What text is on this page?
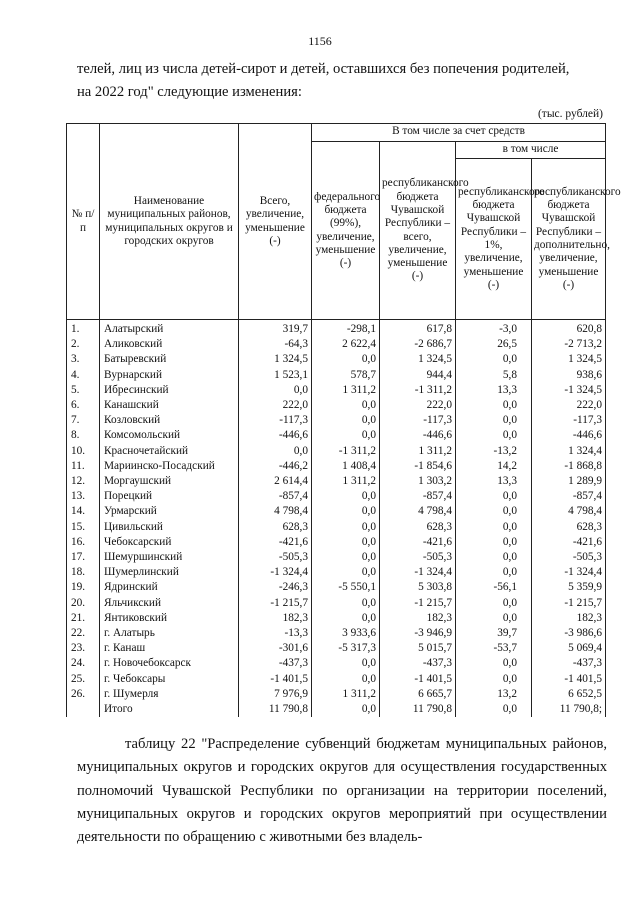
1156
телей, лиц из числа детей-сирот и детей, оставшихся без попечения родителей,
на 2022 год" следующие изменения:
(тыс. рублей)
№ п/п	Наименование муниципальных районов, муниципальных округов и городских округов	Всего, увеличение, уменьшение (-)	В том числе за счет средств			
			федерального бюджета (99%), увеличение, уменьшение (-)	республиканского бюджета Чувашской Республики – всего, увеличение, уменьшение (-)	в том числе	
					республиканского бюджета Чувашской Республики – 1%, увеличение, уменьшение (-)	республиканского бюджета Чувашской Республики – дополнительно, увеличение, уменьшение (-)
1.	Алатырский	319,7	-298,1	617,8	-3,0	620,8
2.	Аликовский	-64,3	2 622,4	-2 686,7	26,5	-2 713,2
3.	Батыревский	1 324,5	0,0	1 324,5	0,0	1 324,5
4.	Вурнарский	1 523,1	578,7	944,4	5,8	938,6
5.	Ибресинский	0,0	1 311,2	-1 311,2	13,3	-1 324,5
6.	Канашский	222,0	0,0	222,0	0,0	222,0
7.	Козловский	-117,3	0,0	-117,3	0,0	-117,3
8.	Комсомольский	-446,6	0,0	-446,6	0,0	-446,6
10.	Красночетайский	0,0	-1 311,2	1 311,2	-13,2	1 324,4
11.	Мариинско-Посадский	-446,2	1 408,4	-1 854,6	14,2	-1 868,8
12.	Моргаушский	2 614,4	1 311,2	1 303,2	13,3	1 289,9
13.	Порецкий	-857,4	0,0	-857,4	0,0	-857,4
14.	Урмарский	4 798,4	0,0	4 798,4	0,0	4 798,4
15.	Цивильский	628,3	0,0	628,3	0,0	628,3
16.	Чебоксарский	-421,6	0,0	-421,6	0,0	-421,6
17.	Шемуршинский	-505,3	0,0	-505,3	0,0	-505,3
18.	Шумерлинский	-1 324,4	0,0	-1 324,4	0,0	-1 324,4
19.	Ядринский	-246,3	-5 550,1	5 303,8	-56,1	5 359,9
20.	Яльчикский	-1 215,7	0,0	-1 215,7	0,0	-1 215,7
21.	Янтиковский	182,3	0,0	182,3	0,0	182,3
22.	г. Алатырь	-13,3	3 933,6	-3 946,9	39,7	-3 986,6
23.	г. Канаш	-301,6	-5 317,3	5 015,7	-53,7	5 069,4
24.	г. Новочебоксарск	-437,3	0,0	-437,3	0,0	-437,3
25.	г. Чебоксары	-1 401,5	0,0	-1 401,5	0,0	-1 401,5
26.	г. Шумерля	7 976,9	1 311,2	6 665,7	13,2	6 652,5
	Итого	11 790,8	0,0	11 790,8	0,0	11 790,8;
таблицу 22 "Распределение субвенций бюджетам муниципальных районов, муниципальных округов и городских округов для осуществления государственных полномочий Чувашской Республики по организации на территории поселений, муниципальных округов и городских округов мероприятий при осуществлении деятельности по обращению с животными без владель-
